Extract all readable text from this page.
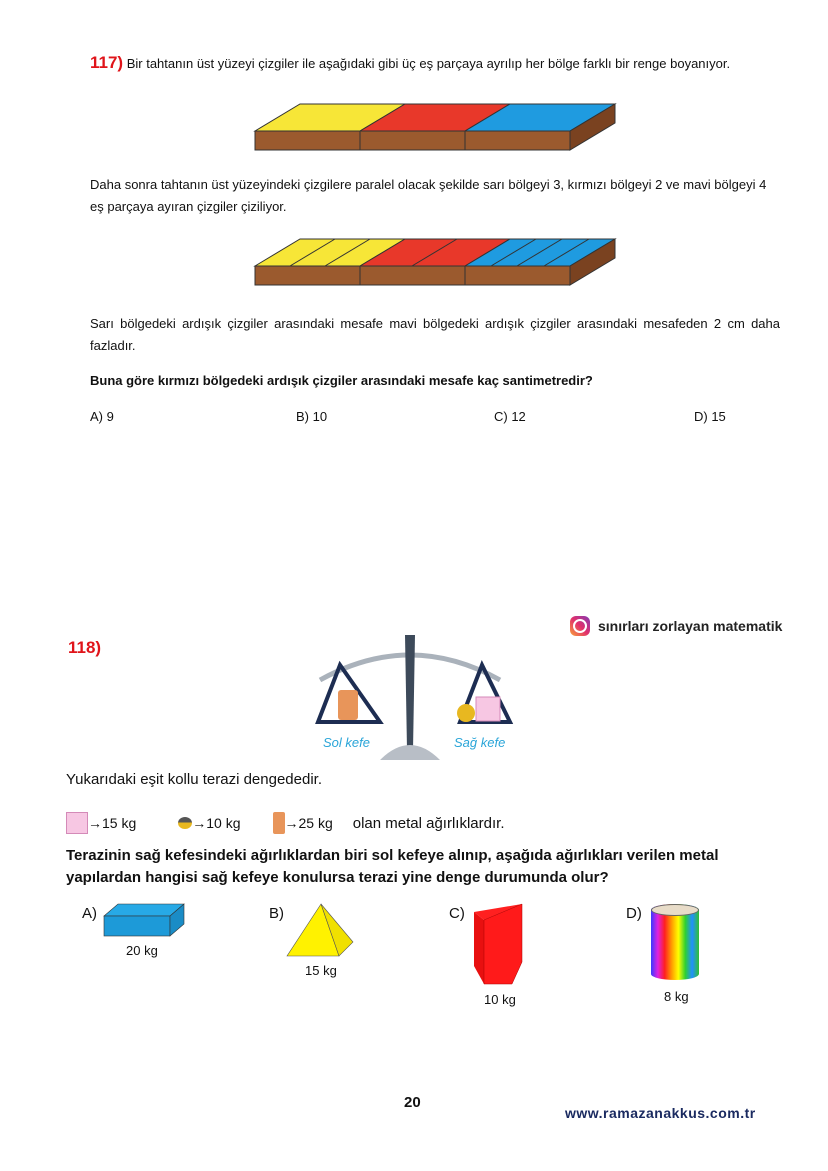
117) Bir tahtanın üst yüzeyi çizgiler ile aşağıdaki gibi üç eş parçaya ayrılıp her bölge farklı bir renge boyanıyor.
Daha sonra tahtanın üst yüzeyindeki çizgilere paralel olacak şekilde sarı bölgeyi 3, kırmızı bölgeyi 2 ve mavi bölgeyi 4 eş parçaya ayıran çizgiler çiziliyor.
Sarı bölgedeki ardışık çizgiler arasındaki mesafe mavi bölgedeki ardışık çizgiler arasındaki mesafeden 2 cm daha fazladır.
Buna göre kırmızı bölgedeki ardışık çizgiler arasındaki mesafe kaç santimetredir?
A) 9	B) 10	C) 12	D) 15
118)
sınırları zorlayan matematik
Sol kefe	Sağ kefe
Yukarıdaki eşit kollu terazi dengededir.
→ 15 kg	→ 10 kg	→ 25 kg olan metal ağırlıklardır.
Terazinin sağ kefesindeki ağırlıklardan biri sol kefeye alınıp, aşağıda ağırlıkları verilen metal yapılardan hangisi sağ kefeye konulursa terazi yine denge durumunda olur?
A)
20 kg
B)
15 kg
C)
10 kg
D)
8 kg
20
www.ramazanakkus.com.tr
